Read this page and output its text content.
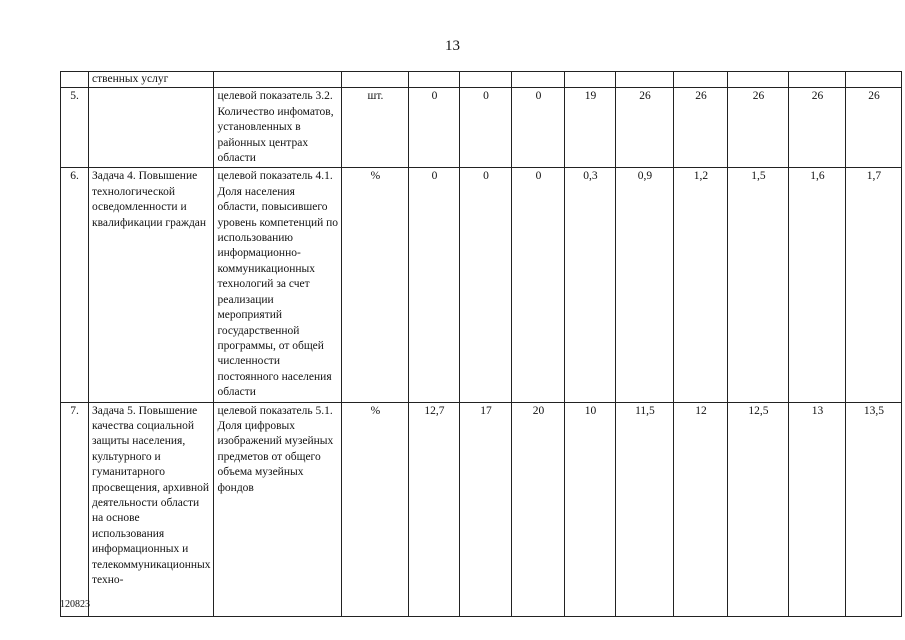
13
	ственных услуг											
5.		целевой показатель 3.2. Количество инфоматов, установленных в районных центрах области	шт.	0	0	0	19	26	26	26	26	26
6.	Задача 4. Повышение технологической осведомленности и квалификации граждан	целевой показатель 4.1. Доля населения области, повысившего уровень компетенций по использованию информационно-коммуникационных технологий за счет реализации мероприятий государственной программы, от общей численности постоянного населения области	%	0	0	0	0,3	0,9	1,2	1,5	1,6	1,7
7.	Задача 5. Повышение качества социальной защиты населения, культурного и гуманитарного просвещения, архивной деятельности области на основе использования информационных и телекоммуникационных техно-	целевой показатель 5.1. Доля цифровых изображений музейных предметов от общего объема музейных фондов	%	12,7	17	20	10	11,5	12	12,5	13	13,5
120823
